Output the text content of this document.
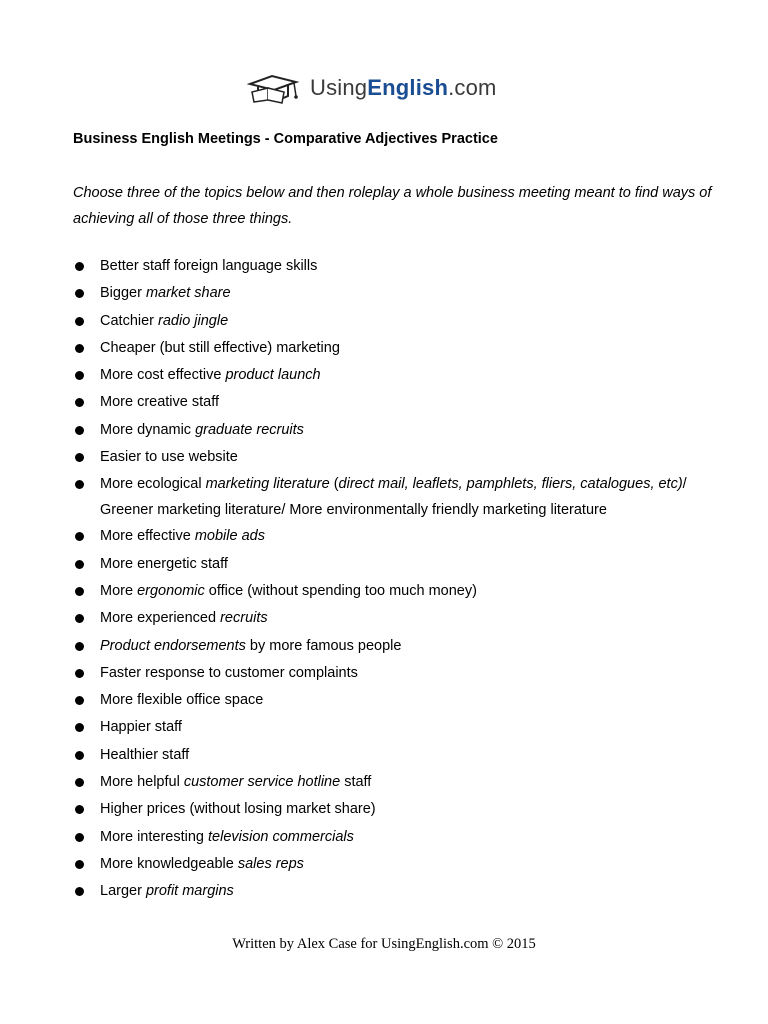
UsingEnglish.com
Business English Meetings - Comparative Adjectives Practice
Choose three of the topics below and then roleplay a whole business meeting meant to find ways of achieving all of those three things.
Better staff foreign language skills
Bigger market share
Catchier radio jingle
Cheaper (but still effective) marketing
More cost effective product launch
More creative staff
More dynamic graduate recruits
Easier to use website
More ecological marketing literature (direct mail, leaflets, pamphlets, fliers, catalogues, etc)/ Greener marketing literature/ More environmentally friendly marketing literature
More effective mobile ads
More energetic staff
More ergonomic office (without spending too much money)
More experienced recruits
Product endorsements by more famous people
Faster response to customer complaints
More flexible office space
Happier staff
Healthier staff
More helpful customer service hotline staff
Higher prices (without losing market share)
More interesting television commercials
More knowledgeable sales reps
Larger profit margins
Written by Alex Case for UsingEnglish.com © 2015
